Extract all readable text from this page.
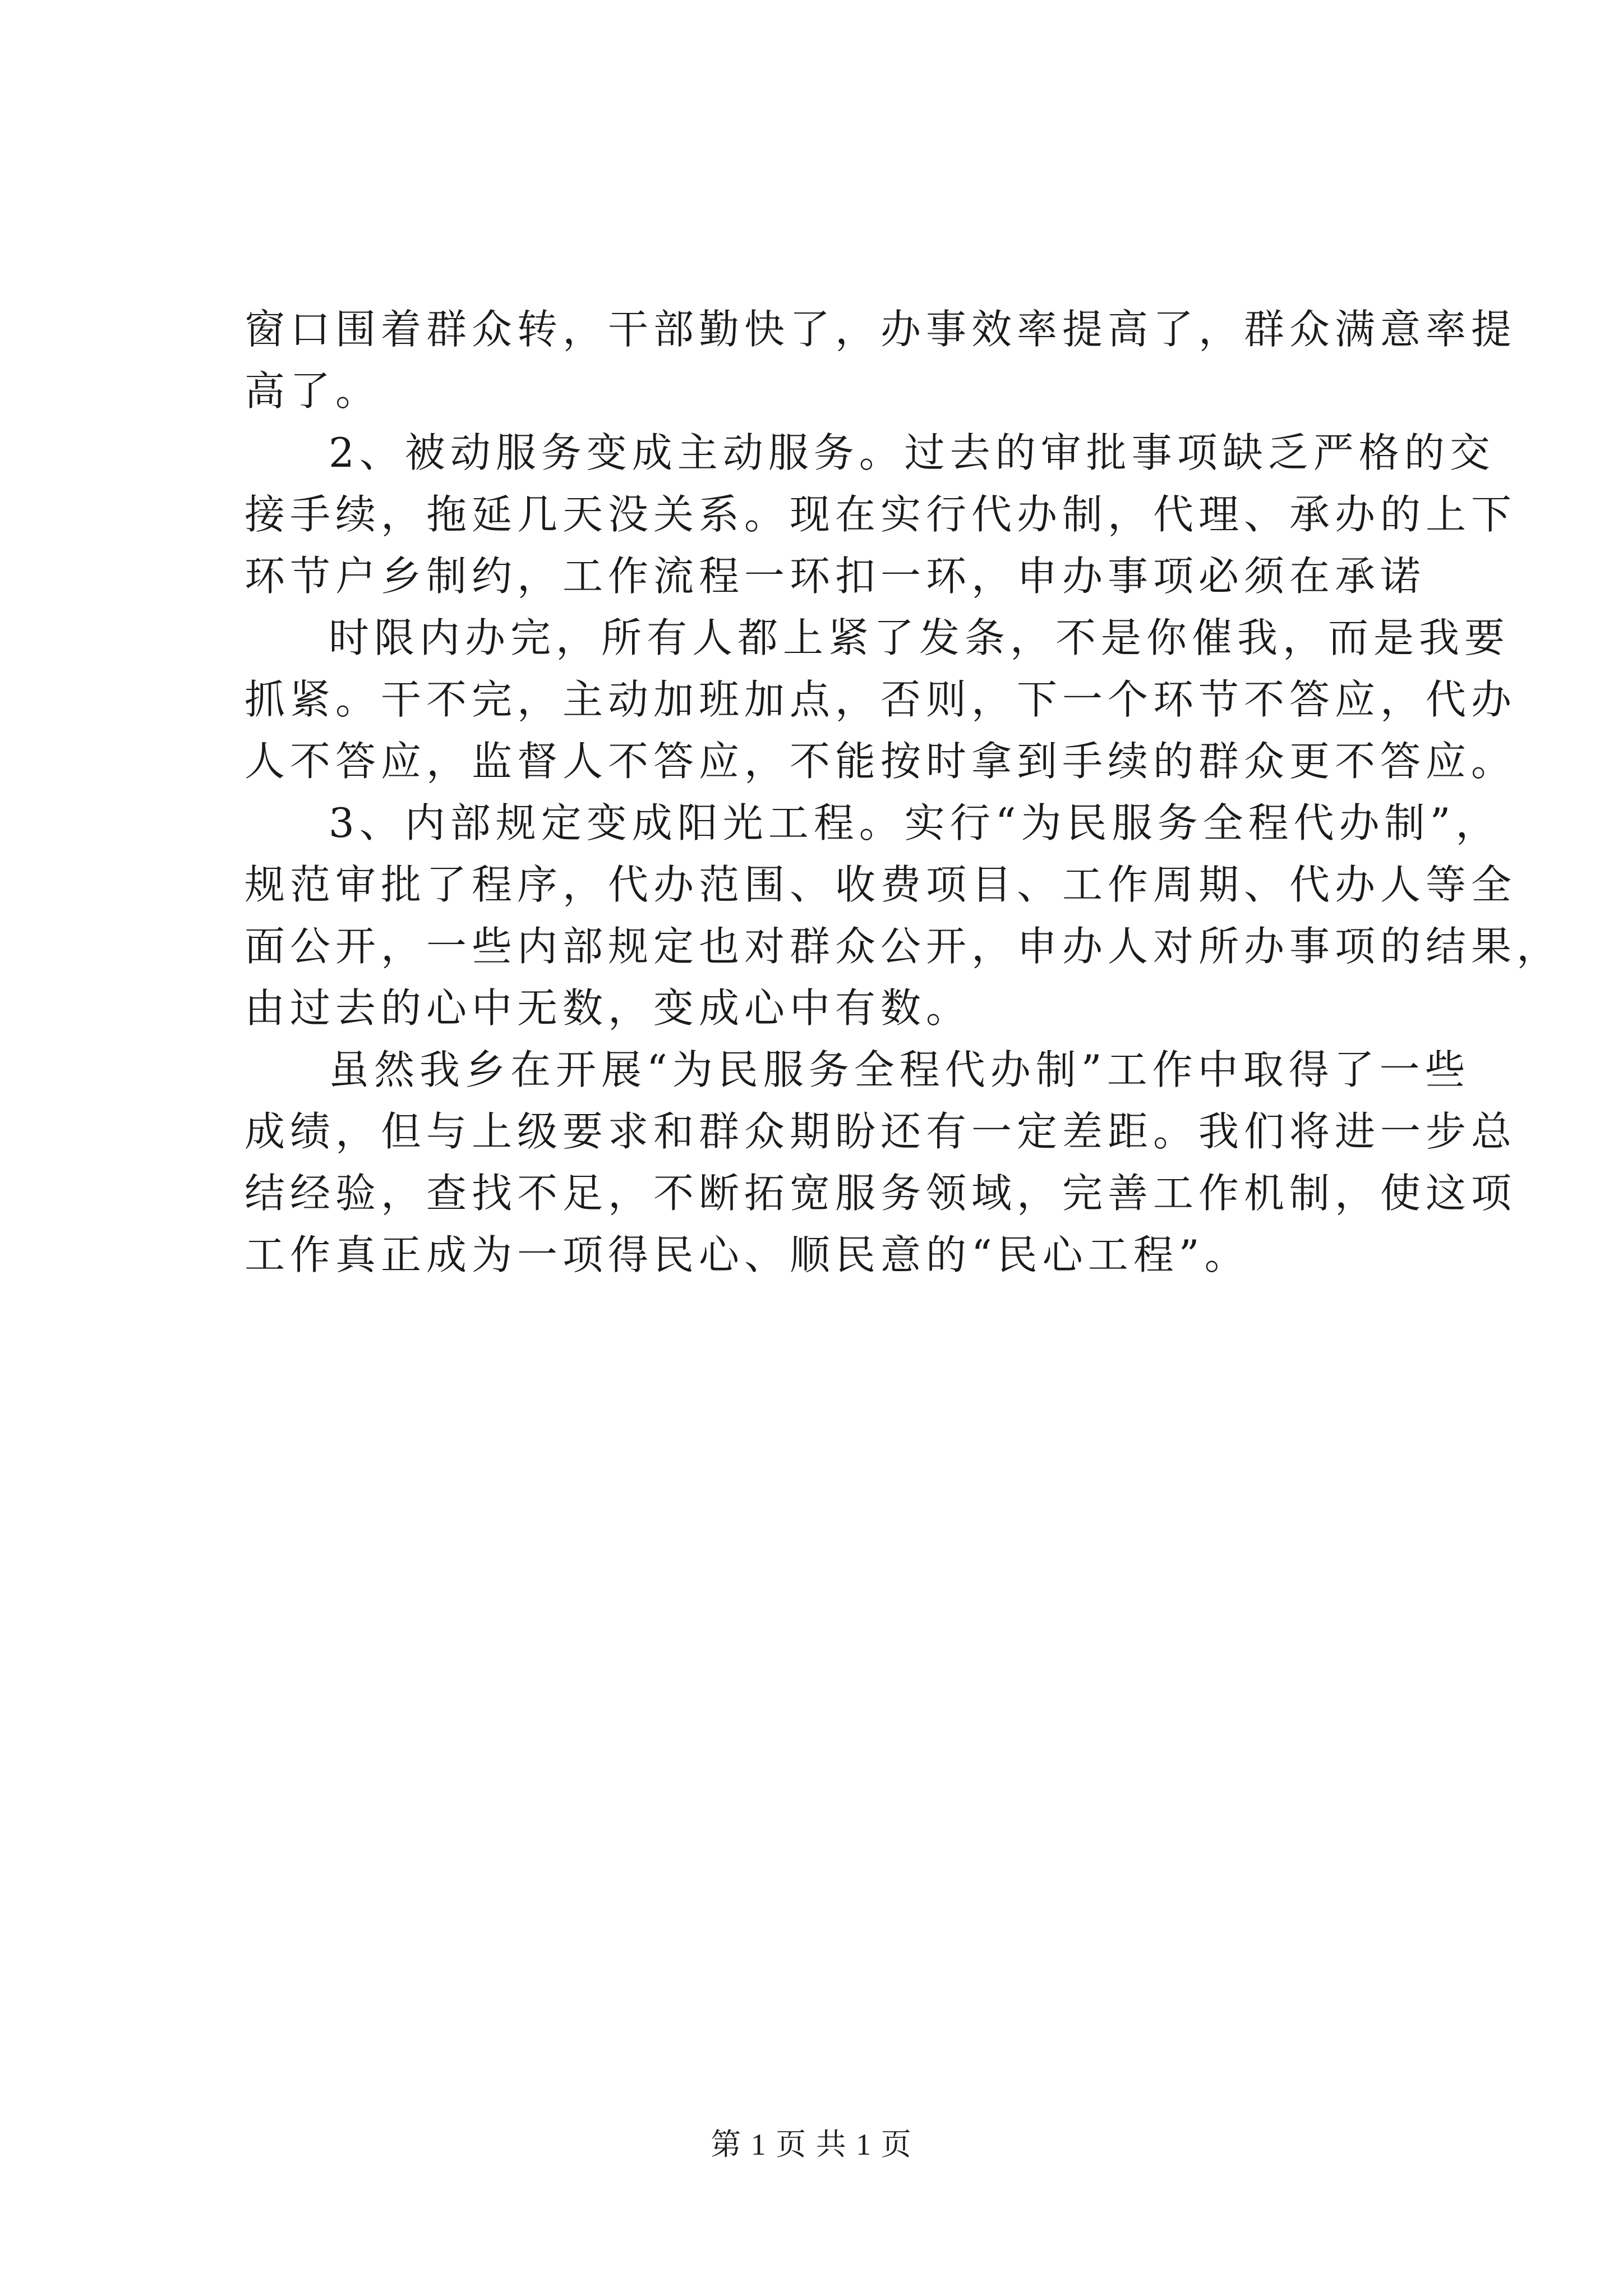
窗口围着群众转，干部勤快了，办事效率提高了，群众满意率提
高了。

2、被动服务变成主动服务。过去的审批事项缺乏严格的交
接手续，拖延几天没关系。现在实行代办制，代理、承办的上下
环节户乡制约，工作流程一环扣一环，申办事项必须在承诺

时限内办完，所有人都上紧了发条，不是你催我，而是我要
抓紧。干不完，主动加班加点，否则，下一个环节不答应，代办
人不答应，监督人不答应，不能按时拿到手续的群众更不答应。

3、内部规定变成阳光工程。实行“为民服务全程代办制”，
规范审批了程序，代办范围、收费项目、工作周期、代办人等全
面公开，一些内部规定也对群众公开，申办人对所办事项的结果，
由过去的心中无数，变成心中有数。

虽然我乡在开展“为民服务全程代办制”工作中取得了一些
成绩，但与上级要求和群众期盼还有一定差距。我们将进一步总
结经验，查找不足，不断拓宽服务领域，完善工作机制，使这项
工作真正成为一项得民心、顺民意的“民心工程”。

第 1 页 共 1 页
